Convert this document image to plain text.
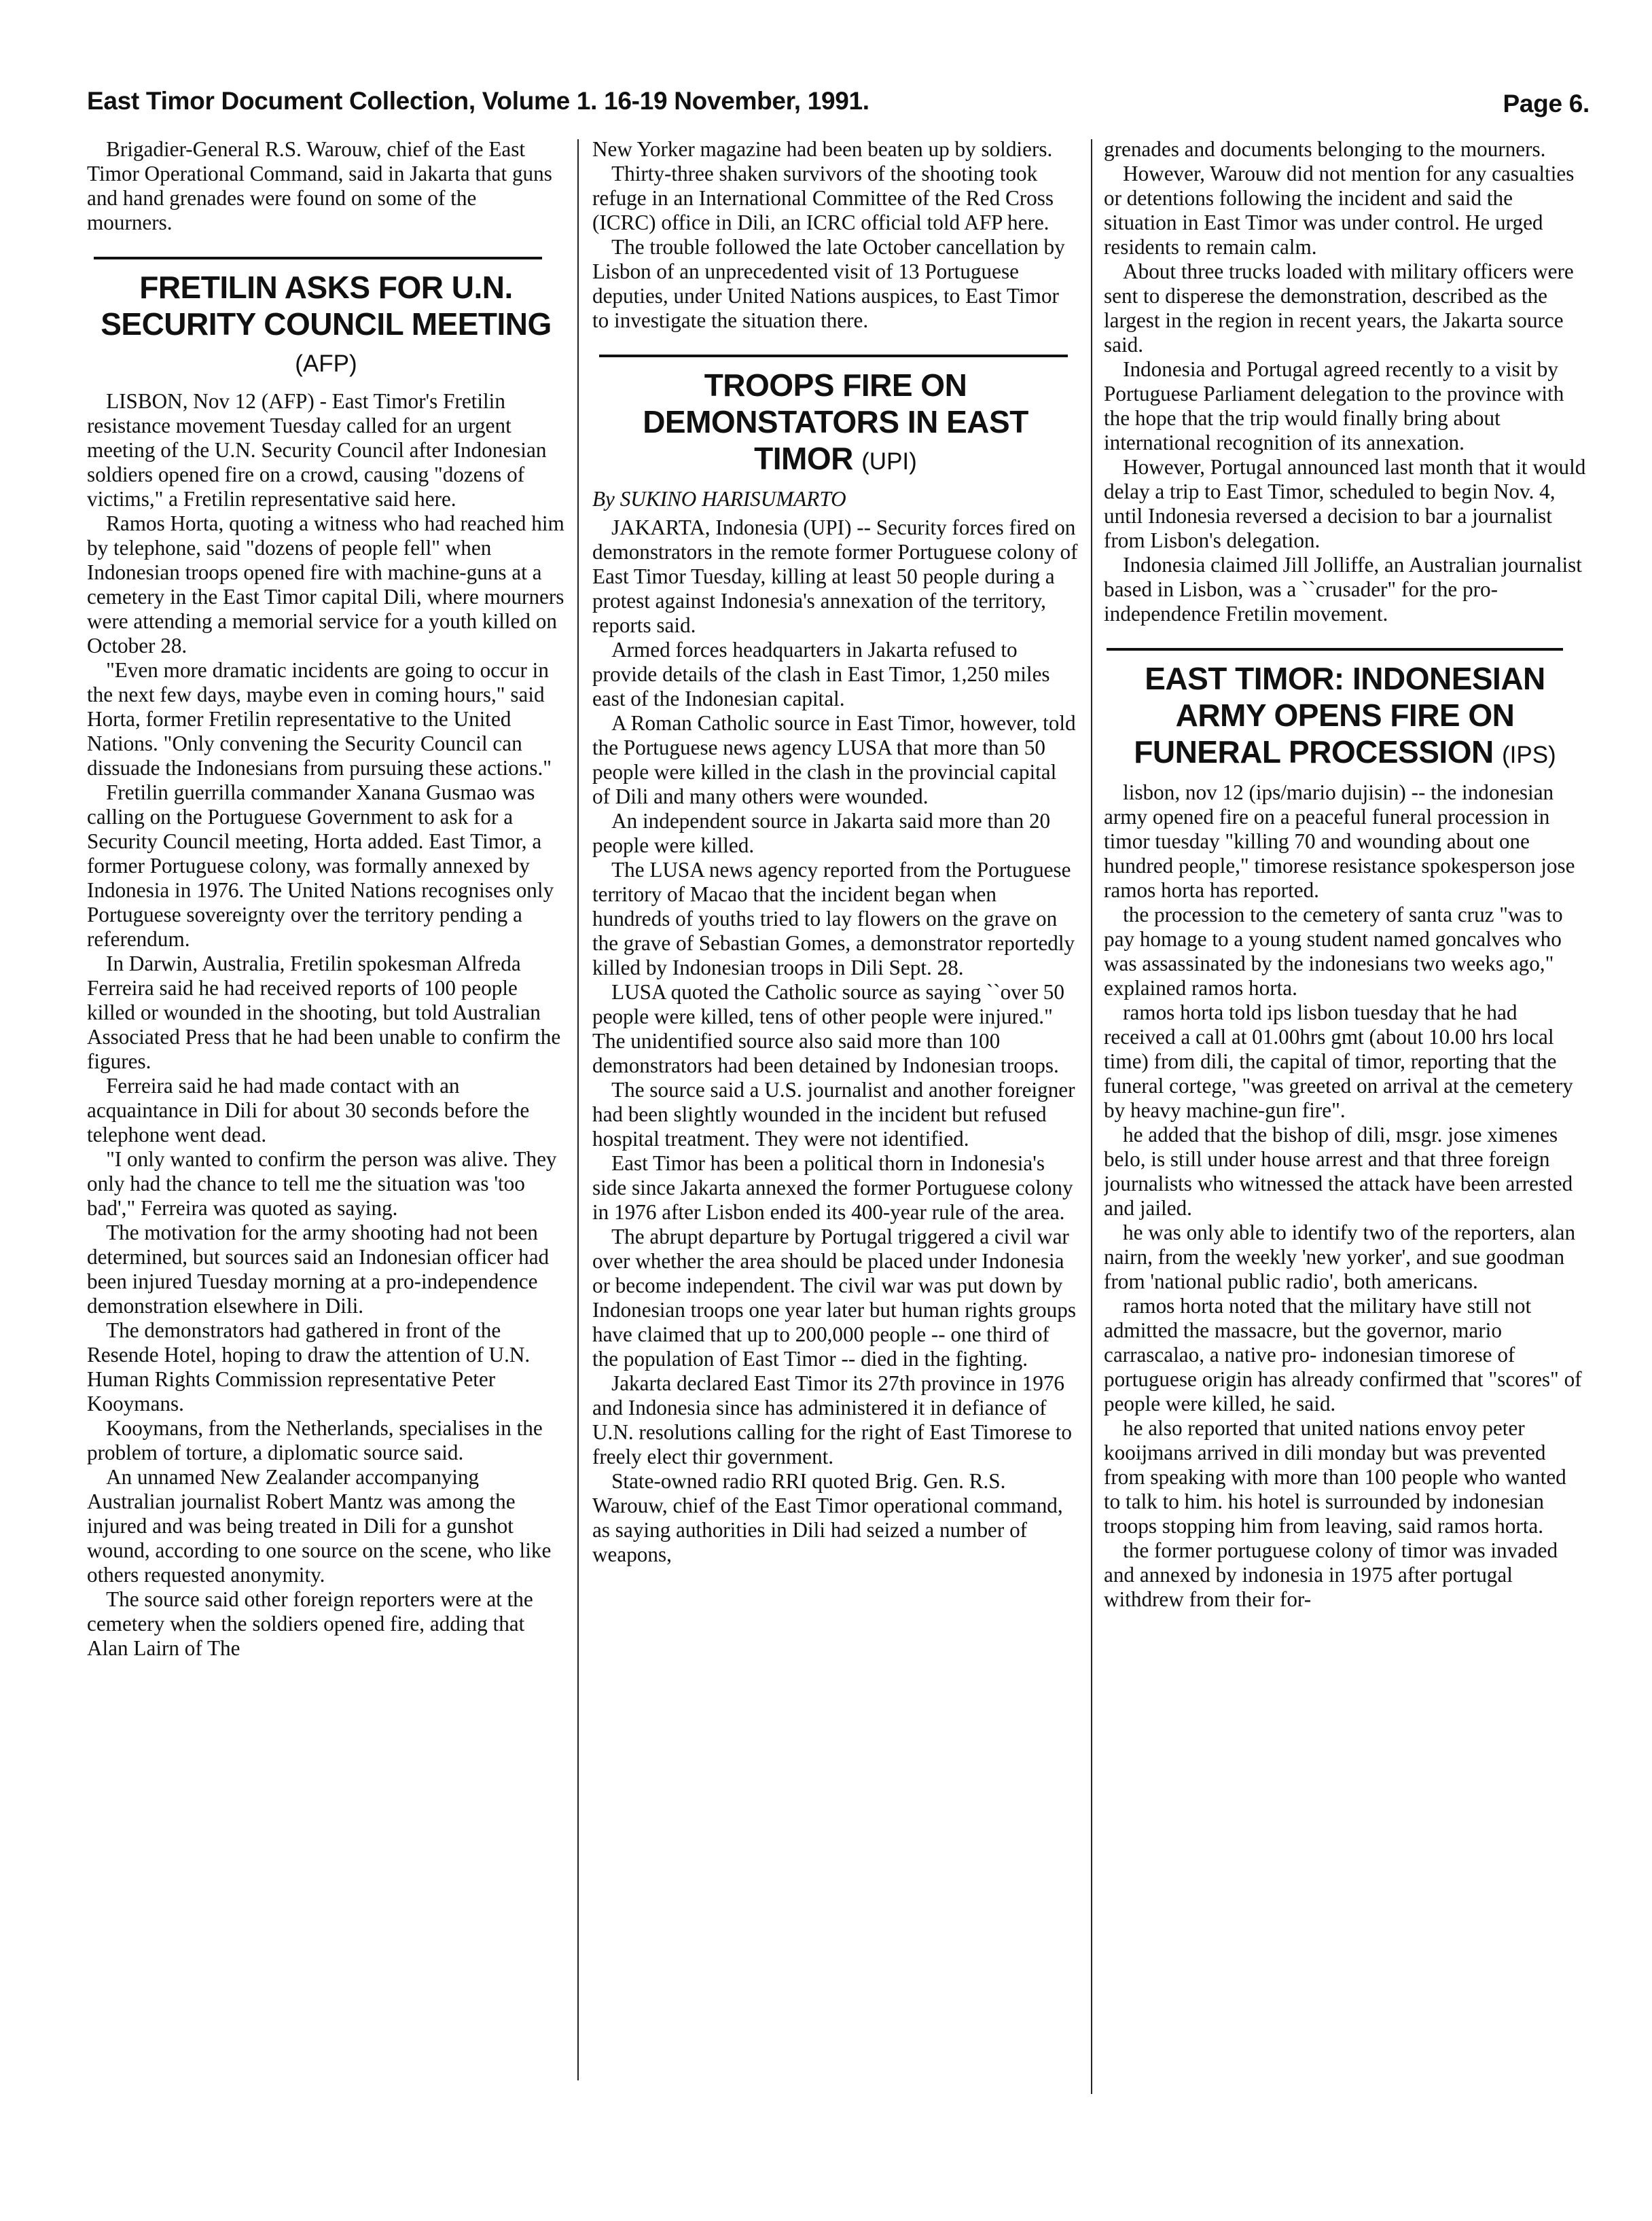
East Timor Document Collection, Volume 1. 16-19 November, 1991.	Page 6.

Brigadier-General R.S. Warouw, chief of the East Timor Operational Command, said in Jakarta that guns and hand grenades were found on some of the mourners.

FRETILIN ASKS FOR U.N. SECURITY COUNCIL MEETING (AFP)

LISBON, Nov 12 (AFP) - East Timor's Fretilin resistance movement Tuesday called for an urgent meeting of the U.N. Security Council after Indonesian soldiers opened fire on a crowd, causing "dozens of victims," a Fretilin representative said here.

Ramos Horta, quoting a witness who had reached him by telephone, said "dozens of people fell" when Indonesian troops opened fire with machine-guns at a cemetery in the East Timor capital Dili, where mourners were attending a memorial service for a youth killed on October 28.

"Even more dramatic incidents are going to occur in the next few days, maybe even in coming hours," said Horta, former Fretilin representative to the United Nations. "Only convening the Security Council can dissuade the Indonesians from pursuing these actions."

Fretilin guerrilla commander Xanana Gusmao was calling on the Portuguese Government to ask for a Security Council meeting, Horta added. East Timor, a former Portuguese colony, was formally annexed by Indonesia in 1976. The United Nations recognises only Portuguese sovereignty over the territory pending a referendum.

In Darwin, Australia, Fretilin spokesman Alfreda Ferreira said he had received reports of 100 people killed or wounded in the shooting, but told Australian Associated Press that he had been unable to confirm the figures.

Ferreira said he had made contact with an acquaintance in Dili for about 30 seconds before the telephone went dead.

"I only wanted to confirm the person was alive. They only had the chance to tell me the situation was 'too bad'," Ferreira was quoted as saying.

The motivation for the army shooting had not been determined, but sources said an Indonesian officer had been injured Tuesday morning at a pro-independence demonstration elsewhere in Dili.

The demonstrators had gathered in front of the Resende Hotel, hoping to draw the attention of U.N. Human Rights Commission representative Peter Kooymans.

Kooymans, from the Netherlands, specialises in the problem of torture, a diplomatic source said.

An unnamed New Zealander accompanying Australian journalist Robert Mantz was among the injured and was being treated in Dili for a gunshot wound, according to one source on the scene, who like others requested anonymity.

The source said other foreign reporters were at the cemetery when the soldiers opened fire, adding that Alan Lairn of The

New Yorker magazine had been beaten up by soldiers.

Thirty-three shaken survivors of the shooting took refuge in an International Committee of the Red Cross (ICRC) office in Dili, an ICRC official told AFP here.

The trouble followed the late October cancellation by Lisbon of an unprecedented visit of 13 Portuguese deputies, under United Nations auspices, to East Timor to investigate the situation there.

TROOPS FIRE ON DEMONSTATORS IN EAST TIMOR (UPI)

By SUKINO HARISUMARTO

JAKARTA, Indonesia (UPI) -- Security forces fired on demonstrators in the remote former Portuguese colony of East Timor Tuesday, killing at least 50 people during a protest against Indonesia's annexation of the territory, reports said.

Armed forces headquarters in Jakarta refused to provide details of the clash in East Timor, 1,250 miles east of the Indonesian capital.

A Roman Catholic source in East Timor, however, told the Portuguese news agency LUSA that more than 50 people were killed in the clash in the provincial capital of Dili and many others were wounded.

An independent source in Jakarta said more than 20 people were killed.

The LUSA news agency reported from the Portuguese territory of Macao that the incident began when hundreds of youths tried to lay flowers on the grave on the grave of Sebastian Gomes, a demonstrator reportedly killed by Indonesian troops in Dili Sept. 28.

LUSA quoted the Catholic source as saying ``over 50 people were killed, tens of other people were injured." The unidentified source also said more than 100 demonstrators had been detained by Indonesian troops.

The source said a U.S. journalist and another foreigner had been slightly wounded in the incident but refused hospital treatment. They were not identified.

East Timor has been a political thorn in Indonesia's side since Jakarta annexed the former Portuguese colony in 1976 after Lisbon ended its 400-year rule of the area.

The abrupt departure by Portugal triggered a civil war over whether the area should be placed under Indonesia or become independent. The civil war was put down by Indonesian troops one year later but human rights groups have claimed that up to 200,000 people -- one third of the population of East Timor -- died in the fighting.

Jakarta declared East Timor its 27th province in 1976 and Indonesia since has administered it in defiance of U.N. resolutions calling for the right of East Timorese to freely elect thir government.

State-owned radio RRI quoted Brig. Gen. R.S. Warouw, chief of the East Timor operational command, as saying authorities in Dili had seized a number of weapons,

grenades and documents belonging to the mourners.

However, Warouw did not mention for any casualties or detentions following the incident and said the situation in East Timor was under control. He urged residents to remain calm.

About three trucks loaded with military officers were sent to disperese the demonstration, described as the largest in the region in recent years, the Jakarta source said.

Indonesia and Portugal agreed recently to a visit by Portuguese Parliament delegation to the province with the hope that the trip would finally bring about international recognition of its annexation.

However, Portugal announced last month that it would delay a trip to East Timor, scheduled to begin Nov. 4, until Indonesia reversed a decision to bar a journalist from Lisbon's delegation.

Indonesia claimed Jill Jolliffe, an Australian journalist based in Lisbon, was a ``crusader" for the pro-independence Fretilin movement.

EAST TIMOR: INDONESIAN ARMY OPENS FIRE ON FUNERAL PROCESSION (IPS)

lisbon, nov 12 (ips/mario dujisin) -- the indonesian army opened fire on a peaceful funeral procession in timor tuesday "killing 70 and wounding about one hundred people," timorese resistance spokesperson jose ramos horta has reported.

the procession to the cemetery of santa cruz "was to pay homage to a young student named goncalves who was assassinated by the indonesians two weeks ago," explained ramos horta.

ramos horta told ips lisbon tuesday that he had received a call at 01.00hrs gmt (about 10.00 hrs local time) from dili, the capital of timor, reporting that the funeral cortege, "was greeted on arrival at the cemetery by heavy machine-gun fire".

he added that the bishop of dili, msgr. jose ximenes belo, is still under house arrest and that three foreign journalists who witnessed the attack have been arrested and jailed.

he was only able to identify two of the reporters, alan nairn, from the weekly 'new yorker', and sue goodman from 'national public radio', both americans.

ramos horta noted that the military have still not admitted the massacre, but the governor, mario carrascalao, a native pro- indonesian timorese of portuguese origin has already confirmed that "scores" of people were killed, he said.

he also reported that united nations envoy peter kooijmans arrived in dili monday but was prevented from speaking with more than 100 people who wanted to talk to him. his hotel is surrounded by indonesian troops stopping him from leaving, said ramos horta.

the former portuguese colony of timor was invaded and annexed by indonesia in 1975 after portugal withdrew from their for-
